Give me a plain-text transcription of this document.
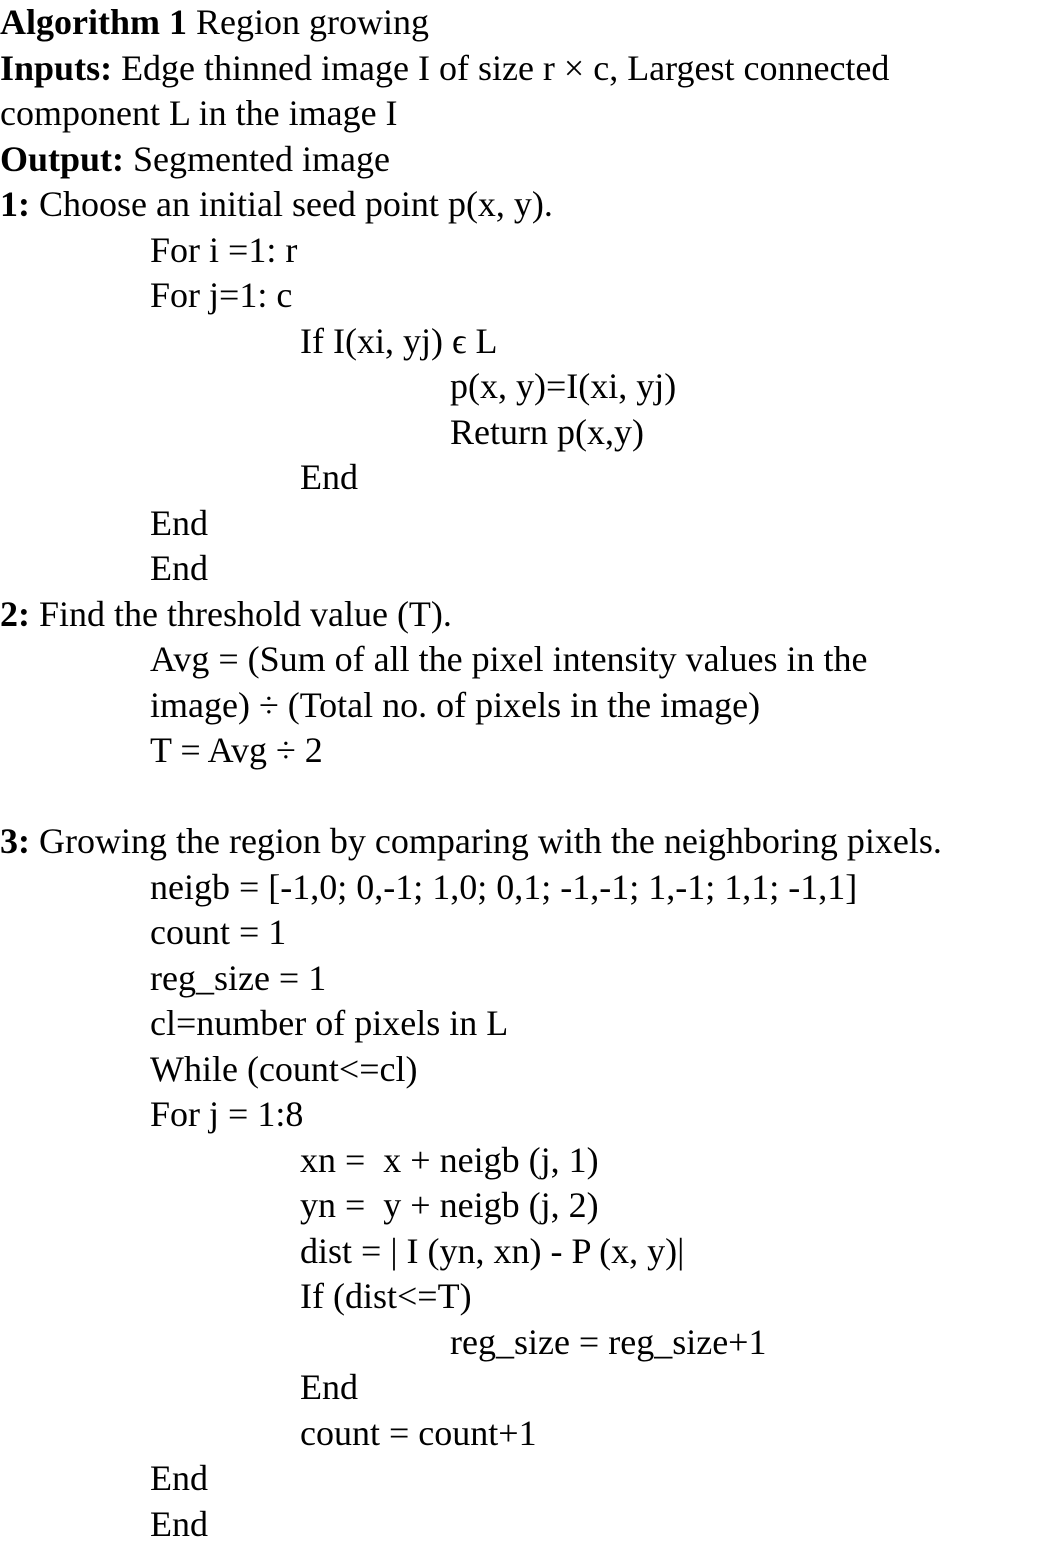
Algorithm 1 Region growing
Inputs: Edge thinned image I of size r × c, Largest connected
component L in the image I
Output: Segmented image
1: Choose an initial seed point p(x, y).
For i =1: r
For j=1: c
If I(xi, yj) ϵ L
p(x, y)=I(xi, yj)
Return p(x,y)
End
End
End
2: Find the threshold value (T).
Avg = (Sum of all the pixel intensity values in the
image) ÷ (Total no. of pixels in the image)
T = Avg ÷ 2
3: Growing the region by comparing with the neighboring pixels.
neigb = [-1,0; 0,-1; 1,0; 0,1; -1,-1; 1,-1; 1,1; -1,1]
count = 1
reg_size = 1
cl=number of pixels in L
While (count<=cl)
For j = 1:8
xn =  x + neigb (j, 1)
yn =  y + neigb (j, 2)
dist = | I (yn, xn) - P (x, y)|
If (dist<=T)
reg_size = reg_size+1
End
count = count+1
End
End
